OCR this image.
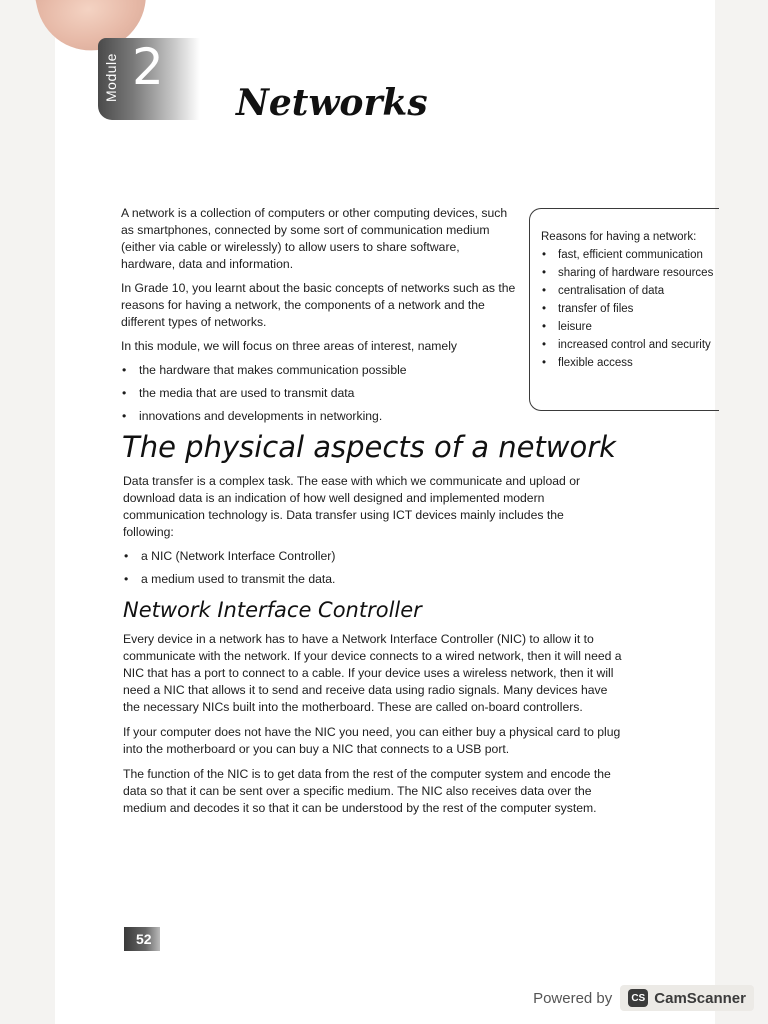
Module 2
Networks

A network is a collection of computers or other computing devices, such as smartphones, connected by some sort of communication medium (either via cable or wirelessly) to allow users to share software, hardware, data and information.

In Grade 10, you learnt about the basic concepts of networks such as the reasons for having a network, the components of a network and the different types of networks.

In this module, we will focus on three areas of interest, namely

• the hardware that makes communication possible
• the media that are used to transmit data
• innovations and developments in networking.

Reasons for having a network:

• fast, efficient communication
• sharing of hardware resources
• centralisation of data
• transfer of files
• leisure
• increased control and security
• flexible access
The physical aspects of a network

Data transfer is a complex task. The ease with which we communicate and upload or download data is an indication of how well designed and implemented modern communication technology is. Data transfer using ICT devices mainly includes the following:

• a NIC (Network Interface Controller)
• a medium used to transmit the data.
Network Interface Controller

Every device in a network has to have a Network Interface Controller (NIC) to allow it to communicate with the network. If your device connects to a wired network, then it will need a NIC that has a port to connect to a cable. If your device uses a wireless network, then it will need a NIC that allows it to send and receive data using radio signals. Many devices have the necessary NICs built into the motherboard. These are called on-board controllers.

If your computer does not have the NIC you need, you can either buy a physical card to plug into the motherboard or you can buy a NIC that connects to a USB port.

The function of the NIC is to get data from the rest of the computer system and encode the data so that it can be sent over a specific medium. The NIC also receives data over the medium and decodes it so that it can be understood by the rest of the computer system.

52
Powered by	CS CamScanner
